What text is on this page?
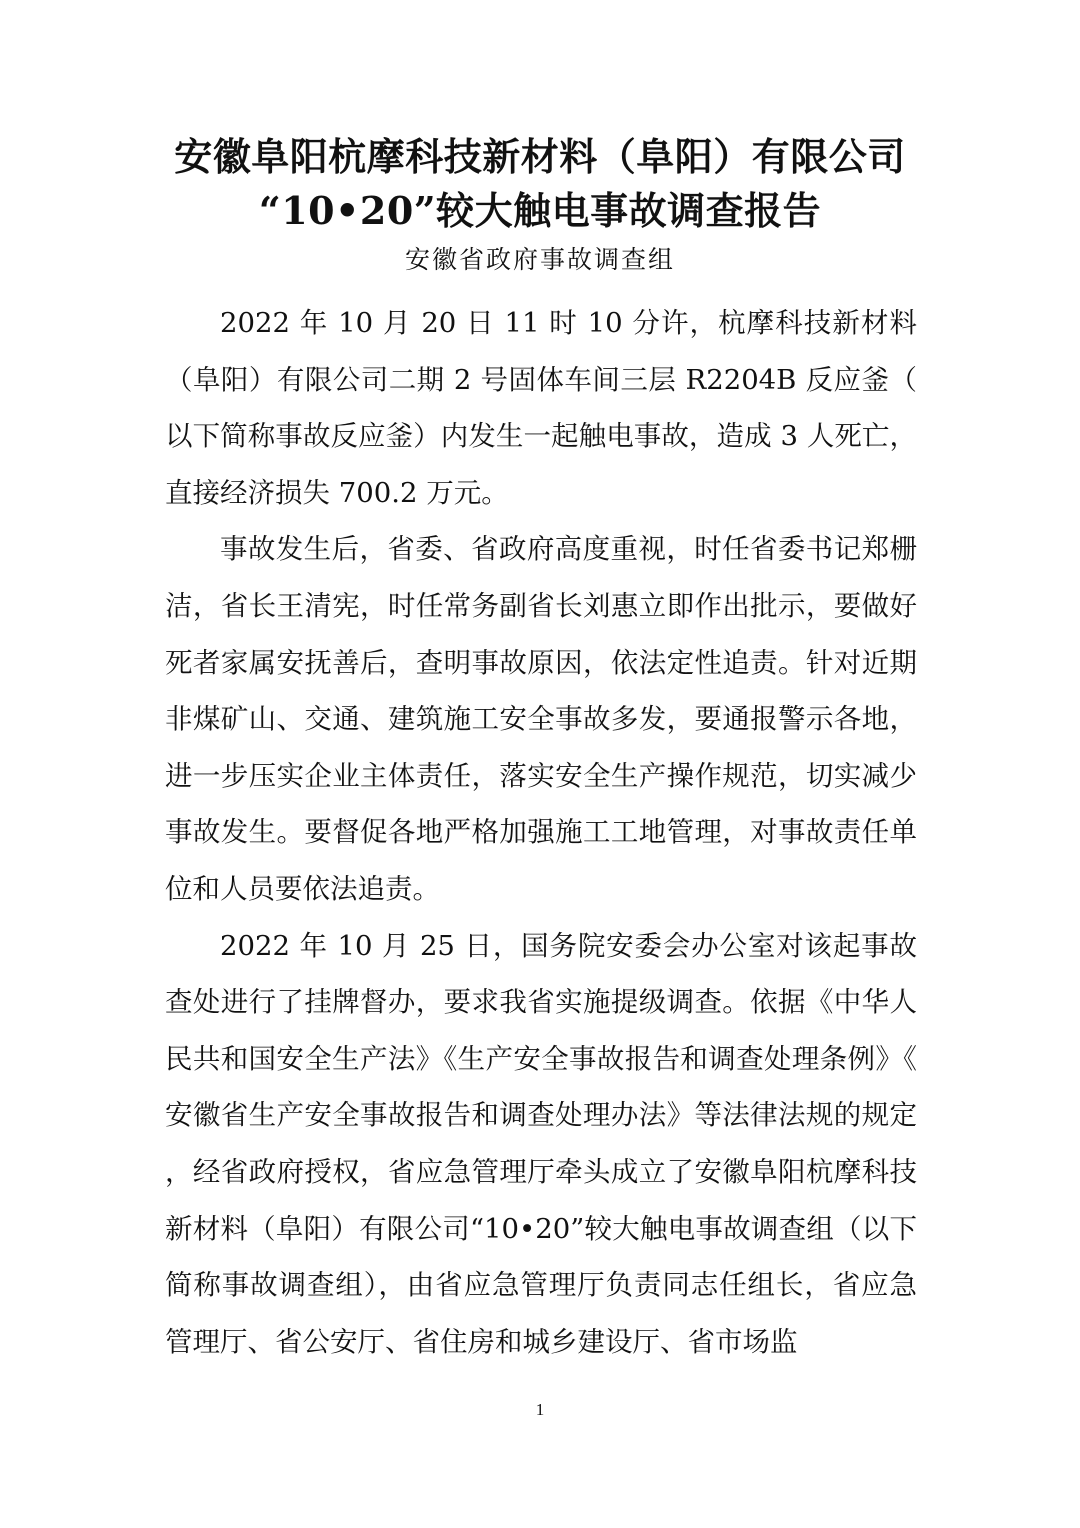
安徽阜阳杭摩科技新材料（阜阳）有限公司
“10•20”较大触电事故调查报告
安徽省政府事故调查组

2022 年 10 月 20 日 11 时 10 分许，杭摩科技新材料（阜阳）有限公司二期 2 号固体车间三层 R2204B 反应釜（以下简称事故反应釜）内发生一起触电事故，造成 3 人死亡，直接经济损失 700.2 万元。

事故发生后，省委、省政府高度重视，时任省委书记郑栅洁，省长王清宪，时任常务副省长刘惠立即作出批示，要做好死者家属安抚善后，查明事故原因，依法定性追责。针对近期非煤矿山、交通、建筑施工安全事故多发，要通报警示各地，进一步压实企业主体责任，落实安全生产操作规范，切实减少事故发生。要督促各地严格加强施工工地管理，对事故责任单位和人员要依法追责。

2022 年 10 月 25 日，国务院安委会办公室对该起事故查处进行了挂牌督办，要求我省实施提级调查。依据《中华人民共和国安全生产法》《生产安全事故报告和调查处理条例》《安徽省生产安全事故报告和调查处理办法》等法律法规的规定，经省政府授权，省应急管理厅牵头成立了安徽阜阳杭摩科技新材料（阜阳）有限公司“10•20”较大触电事故调查组（以下简称事故调查组），由省应急管理厅负责同志任组长，省应急管理厅、省公安厅、省住房和城乡建设厅、省市场监

1
